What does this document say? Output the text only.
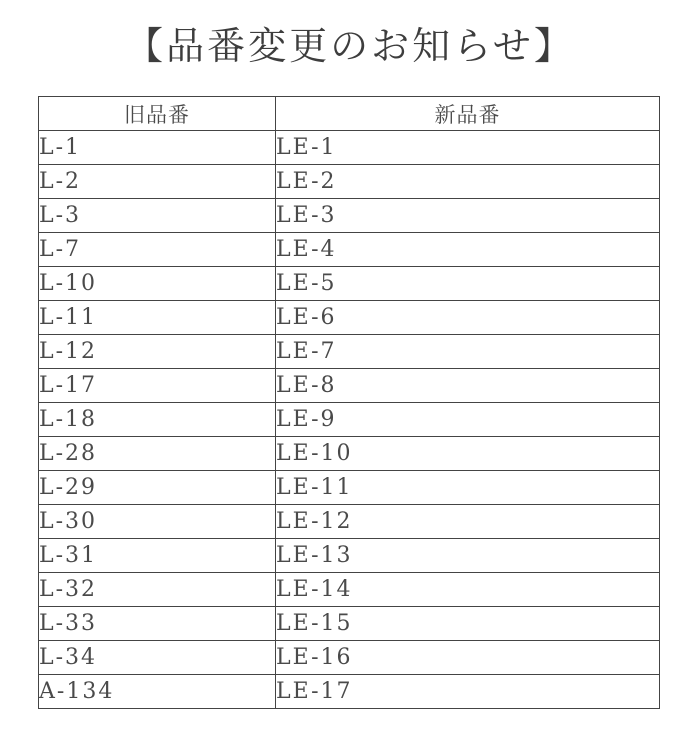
【品番変更のお知らせ】
旧品番	新品番
L-1	LE-1
L-2	LE-2
L-3	LE-3
L-7	LE-4
L-10	LE-5
L-11	LE-6
L-12	LE-7
L-17	LE-8
L-18	LE-9
L-28	LE-10
L-29	LE-11
L-30	LE-12
L-31	LE-13
L-32	LE-14
L-33	LE-15
L-34	LE-16
A-134	LE-17
